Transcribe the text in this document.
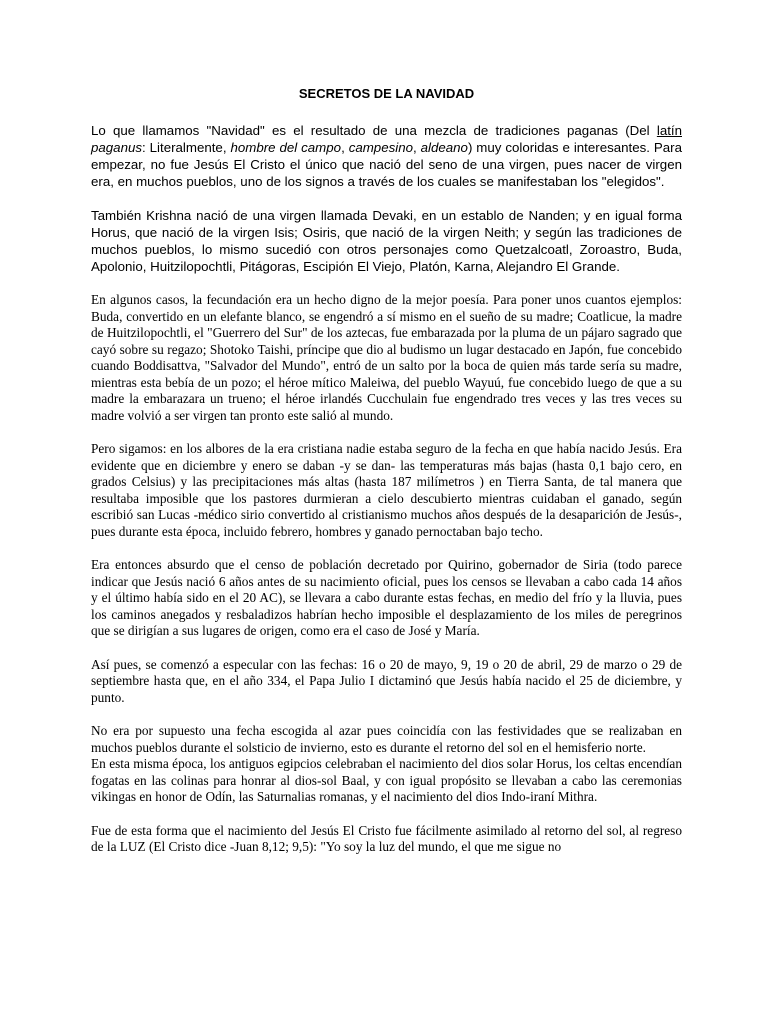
SECRETOS DE LA NAVIDAD

Lo que llamamos "Navidad" es el resultado de una mezcla de tradiciones paganas (Del latín paganus: Literalmente, hombre del campo, campesino, aldeano) muy coloridas e interesantes. Para empezar, no fue Jesús El Cristo el único que nació del seno de una virgen, pues nacer de virgen era, en muchos pueblos, uno de los signos a través de los cuales se manifestaban los "elegidos".

También Krishna nació de una virgen llamada Devaki, en un establo de Nanden; y en igual forma Horus, que nació de la virgen Isis; Osiris, que nació de la virgen Neith; y según las tradiciones de muchos pueblos, lo mismo sucedió con otros personajes como Quetzalcoatl, Zoroastro, Buda, Apolonio, Huitzilopochtli, Pitágoras, Escipión El Viejo, Platón, Karna, Alejandro El Grande.

En algunos casos, la fecundación era un hecho digno de la mejor poesía. Para poner unos cuantos ejemplos: Buda, convertido en un elefante blanco, se engendró a sí mismo en el sueño de su madre; Coatlicue, la madre de Huitzilopochtli, el "Guerrero del Sur" de los aztecas, fue embarazada por la pluma de un pájaro sagrado que cayó sobre su regazo; Shotoko Taishi, príncipe que dio al budismo un lugar destacado en Japón, fue concebido cuando Boddisattva, "Salvador del Mundo", entró de un salto por la boca de quien más tarde sería su madre, mientras esta bebía de un pozo; el héroe mítico Maleiwa, del pueblo Wayuú, fue concebido luego de que a su madre la embarazara un trueno; el héroe irlandés Cucchulain fue engendrado tres veces y las tres veces su madre volvió a ser virgen tan pronto este salió al mundo.

Pero sigamos: en los albores de la era cristiana nadie estaba seguro de la fecha en que había nacido Jesús. Era evidente que en diciembre y enero se daban -y se dan- las temperaturas más bajas (hasta 0,1 bajo cero, en grados Celsius) y las precipitaciones más altas (hasta 187 milímetros ) en Tierra Santa, de tal manera que resultaba imposible que los pastores durmieran a cielo descubierto mientras cuidaban el ganado, según escribió san Lucas -médico sirio convertido al cristianismo muchos años después de la desaparición de Jesús-, pues durante esta época, incluido febrero, hombres y ganado pernoctaban bajo techo.

Era entonces absurdo que el censo de población decretado por Quirino, gobernador de Siria (todo parece indicar que Jesús nació 6 años antes de su nacimiento oficial, pues los censos se llevaban a cabo cada 14 años y el último había sido en el 20 AC), se llevara a cabo durante estas fechas, en medio del frío y la lluvia, pues los caminos anegados y resbaladizos habrían hecho imposible el desplazamiento de los miles de peregrinos que se dirigían a sus lugares de origen, como era el caso de José y María.

Así pues, se comenzó a especular con las fechas: 16 o 20 de mayo, 9, 19 o 20 de abril, 29 de marzo o 29 de septiembre hasta que, en el año 334, el Papa Julio I dictaminó que Jesús había nacido el 25 de diciembre, y punto.

No era por supuesto una fecha escogida al azar pues coincidía con las festividades que se realizaban en muchos pueblos durante el solsticio de invierno, esto es durante el retorno del sol en el hemisferio norte.

En esta misma época, los antiguos egipcios celebraban el nacimiento del dios solar Horus, los celtas encendían fogatas en las colinas para honrar al dios-sol Baal, y con igual propósito se llevaban a cabo las ceremonias vikingas en honor de Odín, las Saturnalias romanas, y el nacimiento del dios Indo-iraní Mithra.

Fue de esta forma que el nacimiento del Jesús El Cristo fue fácilmente asimilado al retorno del sol, al regreso de la LUZ (El Cristo dice -Juan 8,12; 9,5): "Yo soy la luz del mundo, el que me sigue no
